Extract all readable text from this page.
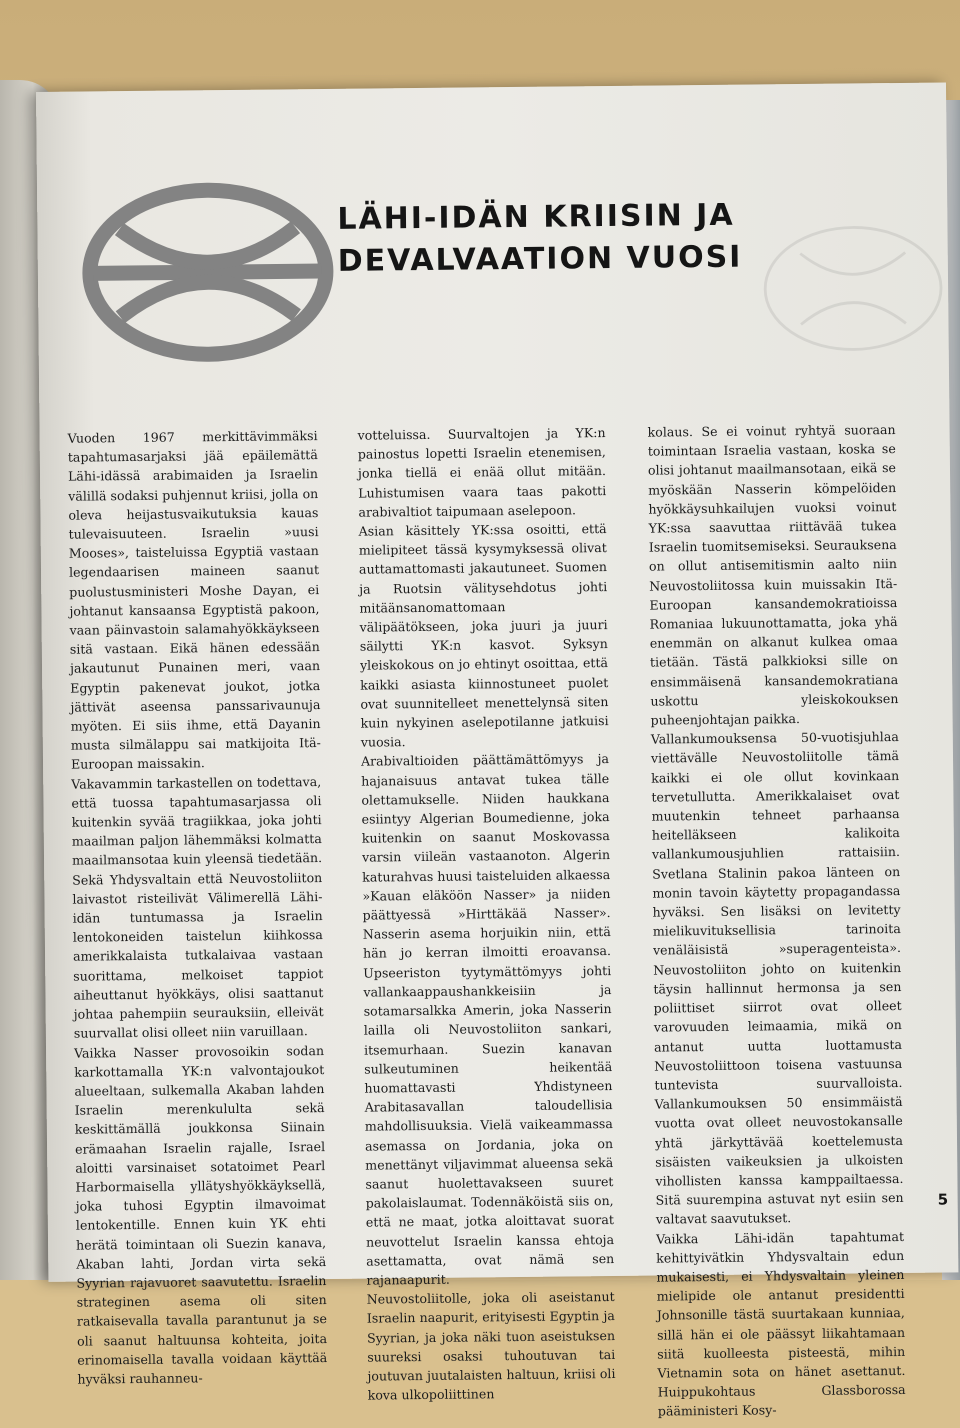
LÄHI-IDÄN KRIISIN JA
DEVALVAATION VUOSI

Vuoden 1967 merkittävimmäksi tapahtumasarjaksi jää epäilemättä Lähi-idässä arabimaiden ja Israelin välillä sodaksi puhjennut kriisi, jolla on oleva heijastusvaikutuksia kauas tulevaisuuteen. Israelin »uusi Mooses», taisteluissa Egyptiä vastaan legendaarisen maineen saanut puolustusministeri Moshe Dayan, ei johtanut kansaansa Egyptistä pakoon, vaan päinvastoin salamahyökkäykseen sitä vastaan. Eikä hänen edessään jakautunut Punainen meri, vaan Egyptin pakenevat joukot, jotka jättivät aseensa panssarivaunuja myöten. Ei siis ihme, että Dayanin musta silmälappu sai matkijoita Itä-Euroopan maissakin.

Vakavammin tarkastellen on todettava, että tuossa tapahtumasarjassa oli kuitenkin syvää tragiikkaa, joka johti maailman paljon lähemmäksi kolmatta maailmansotaa kuin yleensä tiedetään. Sekä Yhdysvaltain että Neuvostoliiton laivastot risteilivät Välimerellä Lähi-idän tuntumassa ja Israelin lentokoneiden taistelun kiihkossa amerikkalaista tutkalaivaa vastaan suorittama, melkoiset tappiot aiheuttanut hyökkäys, olisi saattanut johtaa pahempiin seurauksiin, elleivät suurvallat olisi olleet niin varuillaan.

Vaikka Nasser provosoikin sodan karkottamalla YK:n valvontajoukot alueeltaan, sulkemalla Akaban lahden Israelin merenkululta sekä keskittämällä joukkonsa Siinain erämaahan Israelin rajalle, Israel aloitti varsinaiset sotatoimet Pearl Harbormaisella yllätyshyökkäyksellä, joka tuhosi Egyptin ilmavoimat lentokentille. Ennen kuin YK ehti herätä toimintaan oli Suezin kanava, Akaban lahti, Jordan virta sekä Syyrian rajavuoret saavutettu. Israelin strateginen asema oli siten ratkaisevalla tavalla parantunut ja se oli saanut haltuunsa kohteita, joita erinomaisella tavalla voidaan käyttää hyväksi rauhanneu-

votteluissa. Suurvaltojen ja YK:n painostus lopetti Israelin etenemisen, jonka tiellä ei enää ollut mitään. Luhistumisen vaara taas pakotti arabivaltiot taipumaan aselepoon.

Asian käsittely YK:ssa osoitti, että mielipiteet tässä kysymyksessä olivat auttamattomasti jakautuneet. Suomen ja Ruotsin välitysehdotus johti mitäänsanomattomaan välipäätökseen, joka juuri ja juuri säilytti YK:n kasvot. Syksyn yleiskokous on jo ehtinyt osoittaa, että kaikki asiasta kiinnostuneet puolet ovat suunnitelleet menettelynsä siten kuin nykyinen aselepotilanne jatkuisi vuosia.

Arabivaltioiden päättämättömyys ja hajanaisuus antavat tukea tälle olettamukselle. Niiden haukkana esiintyy Algerian Boumedienne, joka kuitenkin on saanut Moskovassa varsin viileän vastaanoton. Algerin katurahvas huusi taisteluiden alkaessa »Kauan eläköön Nasser» ja niiden päättyessä »Hirttäkää Nasser». Nasserin asema horjuikin niin, että hän jo kerran ilmoitti eroavansa. Upseeriston tyytymättömyys johti vallankaappaushankkeisiin ja sotamarsalkka Amerin, joka Nasserin lailla oli Neuvostoliiton sankari, itsemurhaan. Suezin kanavan sulkeutuminen heikentää huomattavasti Yhdistyneen Arabitasavallan taloudellisia mahdollisuuksia. Vielä vaikeammassa asemassa on Jordania, joka on menettänyt viljavimmat alueensa sekä saanut huolettavakseen suuret pakolaislaumat. Todennäköistä siis on, että ne maat, jotka aloittavat suorat neuvottelut Israelin kanssa ehtoja asettamatta, ovat nämä sen rajanaapurit.

Neuvostoliitolle, joka oli aseistanut Israelin naapurit, erityisesti Egyptin ja Syyrian, ja joka näki tuon aseistuksen suureksi osaksi tuhoutuvan tai joutuvan juutalaisten haltuun, kriisi oli kova ulkopoliittinen

kolaus. Se ei voinut ryhtyä suoraan toimintaan Israelia vastaan, koska se olisi johtanut maailmansotaan, eikä se myöskään Nasserin kömpelöiden hyökkäysuhkailujen vuoksi voinut YK:ssa saavuttaa riittävää tukea Israelin tuomitsemiseksi. Seurauksena on ollut antisemitismin aalto niin Neuvostoliitossa kuin muissakin Itä-Euroopan kansandemokratioissa Romaniaa lukuunottamatta, joka yhä enemmän on alkanut kulkea omaa tietään. Tästä palkkioksi sille on ensimmäisenä kansandemokratiana uskottu yleiskokouksen puheenjohtajan paikka.

Vallankumouksensa 50-vuotisjuhlaa viettävälle Neuvostoliitolle tämä kaikki ei ole ollut kovinkaan tervetullutta. Amerikkalaiset ovat muutenkin tehneet parhaansa heitelläkseen kalikoita vallankumousjuhlien rattaisiin. Svetlana Stalinin pakoa länteen on monin tavoin käytetty propagandassa hyväksi. Sen lisäksi on levitetty mielikuvituksellisia tarinoita venäläisistä »superagenteista». Neuvostoliiton johto on kuitenkin täysin hallinnut hermonsa ja sen poliittiset siirrot ovat olleet varovuuden leimaamia, mikä on antanut uutta luottamusta Neuvostoliittoon toisena vastuunsa tuntevista suurvalloista. Vallankumouksen 50 ensimmäistä vuotta ovat olleet neuvostokansalle yhtä järkyttävää koettelemusta sisäisten vaikeuksien ja ulkoisten vihollisten kanssa kamppailtaessa. Sitä suurempina astuvat nyt esiin sen valtavat saavutukset.

Vaikka Lähi-idän tapahtumat kehittyivätkin Yhdysvaltain edun mukaisesti, ei Yhdysvaltain yleinen mielipide ole antanut presidentti Johnsonille tästä suurtakaan kunniaa, sillä hän ei ole päässyt liikahtamaan siitä kuolleesta pisteestä, mihin Vietnamin sota on hänet asettanut. Huippukohtaus Glassborossa pääministeri Kosy-

5
